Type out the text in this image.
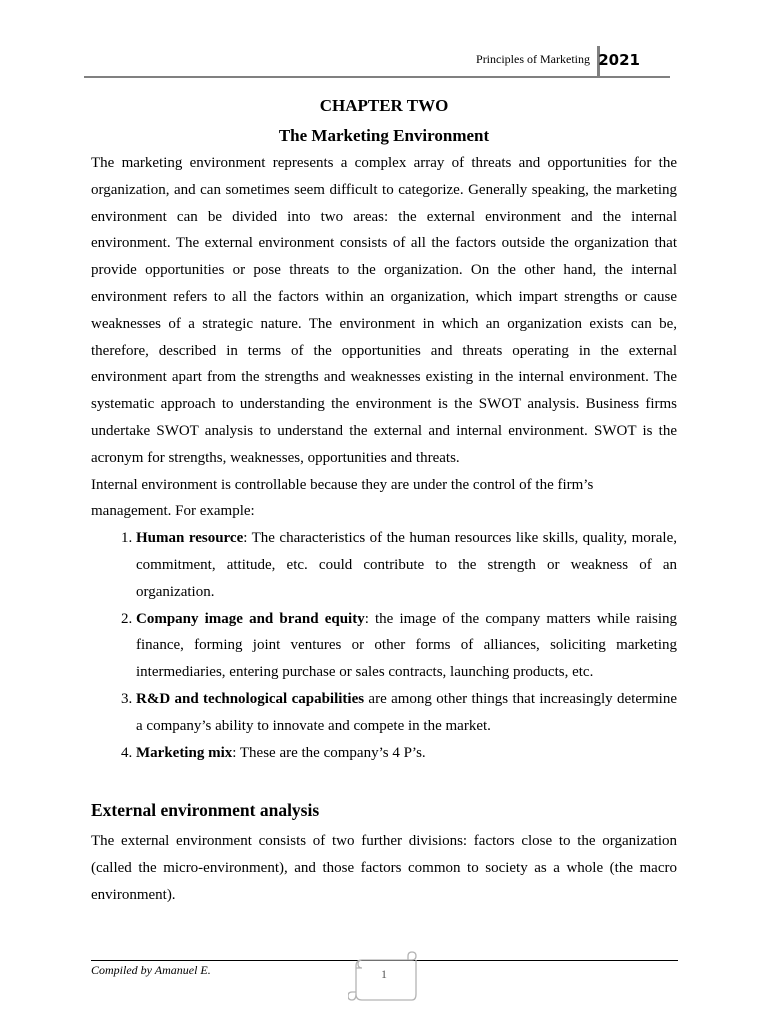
Principles of Marketing 2021

CHAPTER TWO

The Marketing Environment

The marketing environment represents a complex array of threats and opportunities for the organization, and can sometimes seem difficult to categorize. Generally speaking, the marketing environment can be divided into two areas: the external environment and the internal environment. The external environment consists of all the factors outside the organization that provide opportunities or pose threats to the organization. On the other hand, the internal environment refers to all the factors within an organization, which impart strengths or cause weaknesses of a strategic nature. The environment in which an organization exists can be, therefore, described in terms of the opportunities and threats operating in the external environment apart from the strengths and weaknesses existing in the internal environment. The systematic approach to understanding the environment is the SWOT analysis. Business firms undertake SWOT analysis to understand the external and internal environment. SWOT is the acronym for strengths, weaknesses, opportunities and threats.

Internal environment is controllable because they are under the control of the firm’s

management. For example:

1. Human resource: The characteristics of the human resources like skills, quality, morale, commitment, attitude, etc. could contribute to the strength or weakness of an organization.
2. Company image and brand equity: the image of the company matters while raising finance, forming joint ventures or other forms of alliances, soliciting marketing intermediaries, entering purchase or sales contracts, launching products, etc.
3. R&D and technological capabilities are among other things that increasingly determine a company’s ability to innovate and compete in the market.
4. Marketing mix: These are the company’s 4 P’s.
External environment analysis

The external environment consists of two further divisions: factors close to the organization (called the micro-environment), and those factors common to society as a whole (the macro environment).

Compiled by Amanuel E.	1
